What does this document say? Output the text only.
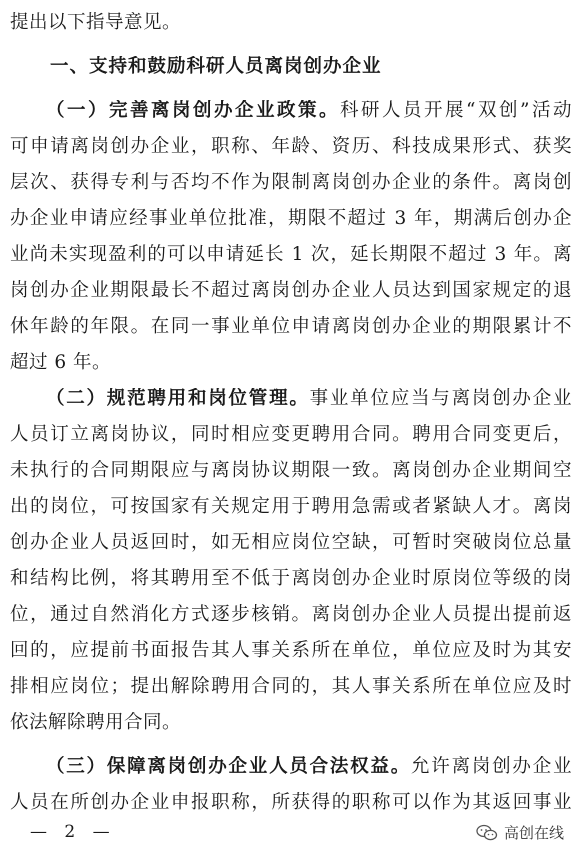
提出以下指导意见。
一、支持和鼓励科研人员离岗创办企业
（一）完善离岗创办企业政策。科研人员开展“双创”活动
可申请离岗创办企业，职称、年龄、资历、科技成果形式、获奖
层次、获得专利与否均不作为限制离岗创办企业的条件。离岗创
办企业申请应经事业单位批准，期限不超过 3 年，期满后创办企
业尚未实现盈利的可以申请延长 1 次，延长期限不超过 3 年。离
岗创办企业期限最长不超过离岗创办企业人员达到国家规定的退
休年龄的年限。在同一事业单位申请离岗创办企业的期限累计不
超过 6 年。
（二）规范聘用和岗位管理。事业单位应当与离岗创办企业
人员订立离岗协议，同时相应变更聘用合同。聘用合同变更后，
未执行的合同期限应与离岗协议期限一致。离岗创办企业期间空
出的岗位，可按国家有关规定用于聘用急需或者紧缺人才。离岗
创办企业人员返回时，如无相应岗位空缺，可暂时突破岗位总量
和结构比例，将其聘用至不低于离岗创办企业时原岗位等级的岗
位，通过自然消化方式逐步核销。离岗创办企业人员提出提前返
回的，应提前书面报告其人事关系所在单位，单位应及时为其安
排相应岗位；提出解除聘用合同的，其人事关系所在单位应及时
依法解除聘用合同。
（三）保障离岗创办企业人员合法权益。允许离岗创办企业
人员在所创办企业申报职称，所获得的职称可以作为其返回事业
— 2 —	高创在线
